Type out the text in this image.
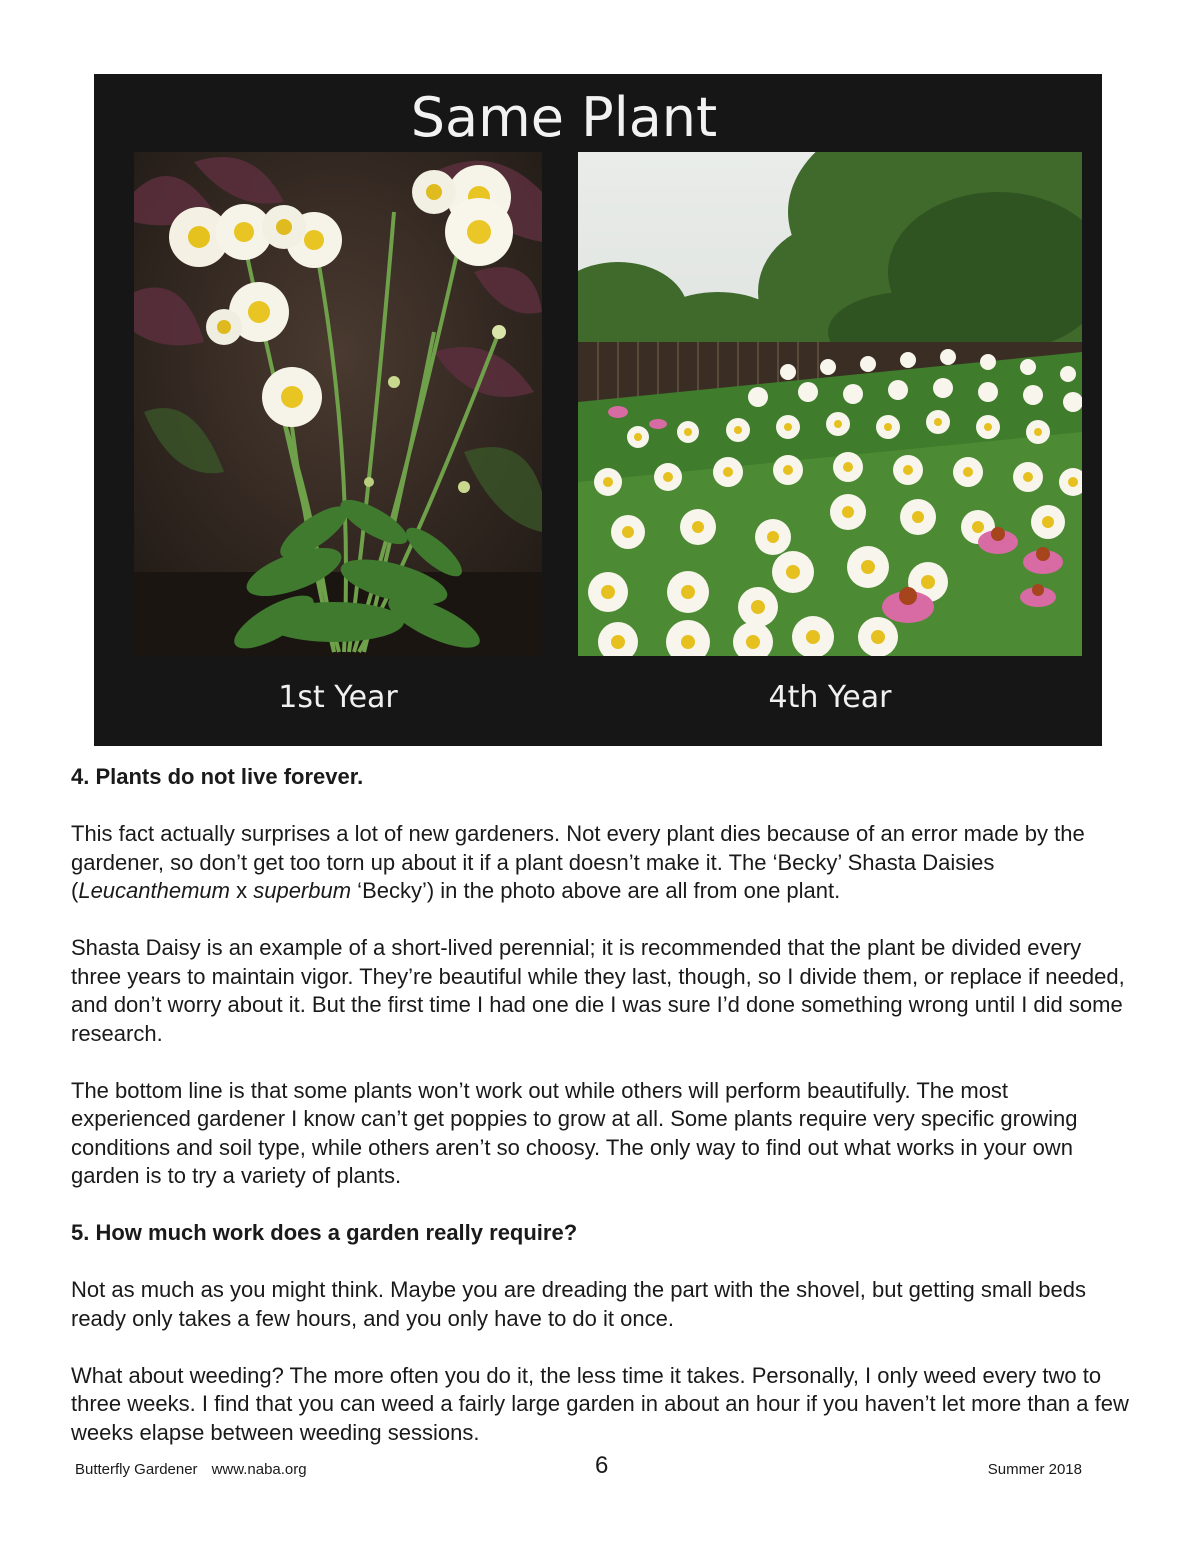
Same Plant
1st Year	4th Year
4. Plants do not live forever.

This fact actually surprises a lot of new gardeners. Not every plant dies because of an error made by the gardener, so don’t get too torn up about it if a plant doesn’t make it. The ‘Becky’ Shasta Daisies (Leucanthemum x superbum ‘Becky’) in the photo above are all from one plant.

Shasta Daisy is an example of a short-lived perennial; it is recommended that the plant be divided every three years to maintain vigor. They’re beautiful while they last, though, so I divide them, or replace if needed, and don’t worry about it. But the first time I had one die I was sure I’d done something wrong until I did some research.

The bottom line is that some plants won’t work out while others will perform beautifully. The most experienced gardener I know can’t get poppies to grow at all. Some plants require very specific growing conditions and soil type, while others aren’t so choosy. The only way to find out what works in your own garden is to try a variety of plants.

5. How much work does a garden really require?

Not as much as you might think. Maybe you are dreading the part with the shovel, but getting small beds ready only takes a few hours, and you only have to do it once.

What about weeding? The more often you do it, the less time it takes. Personally, I only weed every two to three weeks. I find that you can weed a fairly large garden in about an hour if you haven’t let more than a few weeks elapse between weeding sessions.

Butterfly Gardener www.naba.org	6	Summer 2018
